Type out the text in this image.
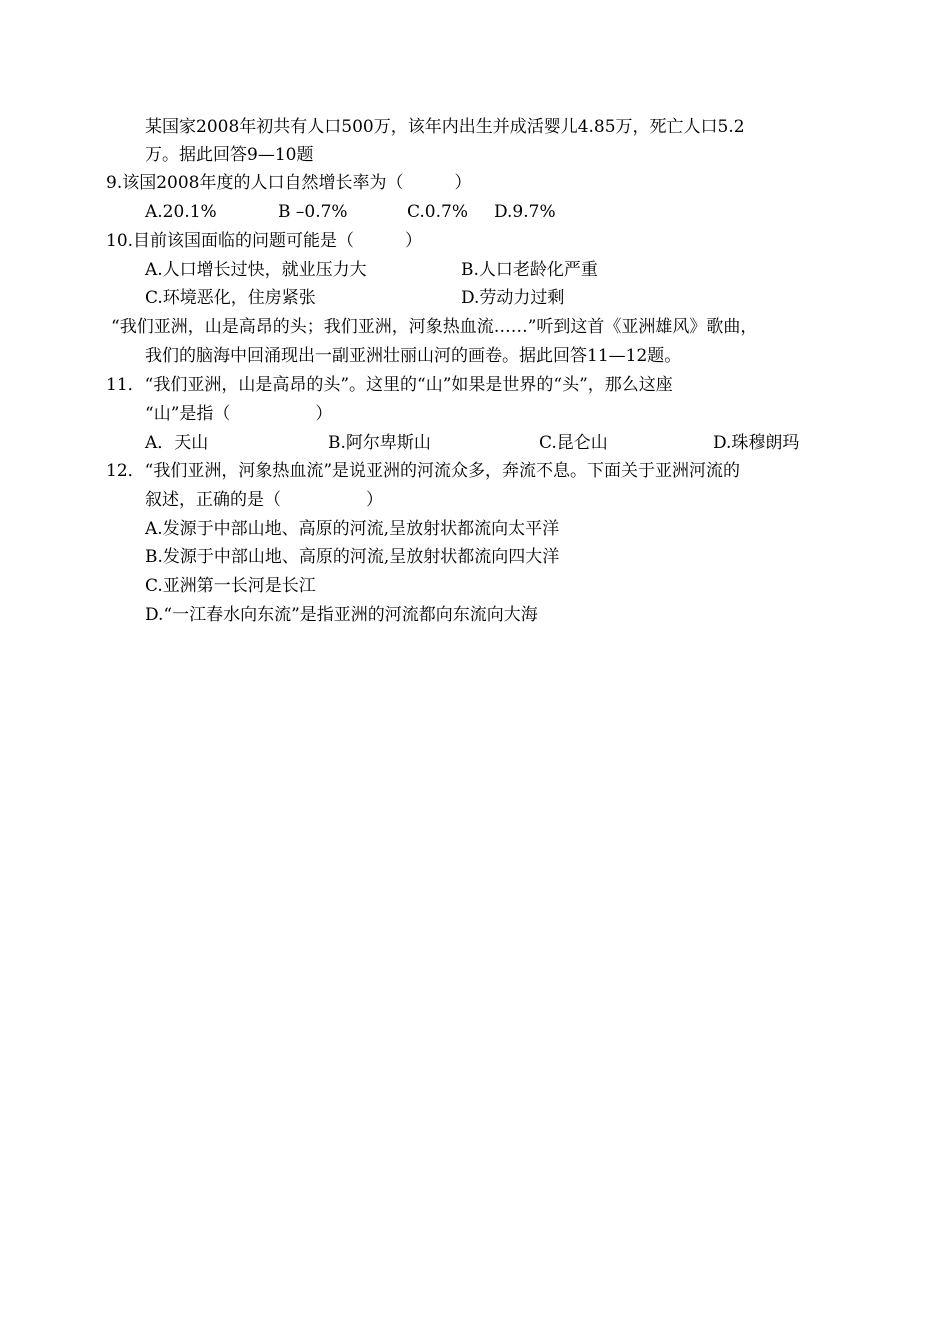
某国家2008年初共有人口500万，该年内出生并成活婴儿4.85万，死亡人口5.2
万。据此回答9—10题
9.该国2008年度的人口自然增长率为（　　　）
A.20.1%	B –0.7%	C.0.7% D.9.7%
10.目前该国面临的问题可能是（　　　）
A.人口增长过快，就业压力大	B.人口老龄化严重
C.环境恶化，住房紧张	D.劳动力过剩
“我们亚洲，山是高昂的头；我们亚洲，河象热血流……”听到这首《亚洲雄风》歌曲，
我们的脑海中回涌现出一副亚洲壮丽山河的画卷。据此回答11—12题。
11．“我们亚洲，山是高昂的头”。这里的“山”如果是世界的“头”，那么这座
“山”是指（　　　　　）
A．天山	B.阿尔卑斯山	C.昆仑山	D.珠穆朗玛
12．“我们亚洲，河象热血流”是说亚洲的河流众多，奔流不息。下面关于亚洲河流的
叙述，正确的是（　　　　　）
A.发源于中部山地、高原的河流,呈放射状都流向太平洋
B.发源于中部山地、高原的河流,呈放射状都流向四大洋
C.亚洲第一长河是长江
D.“一江春水向东流”是指亚洲的河流都向东流向大海
